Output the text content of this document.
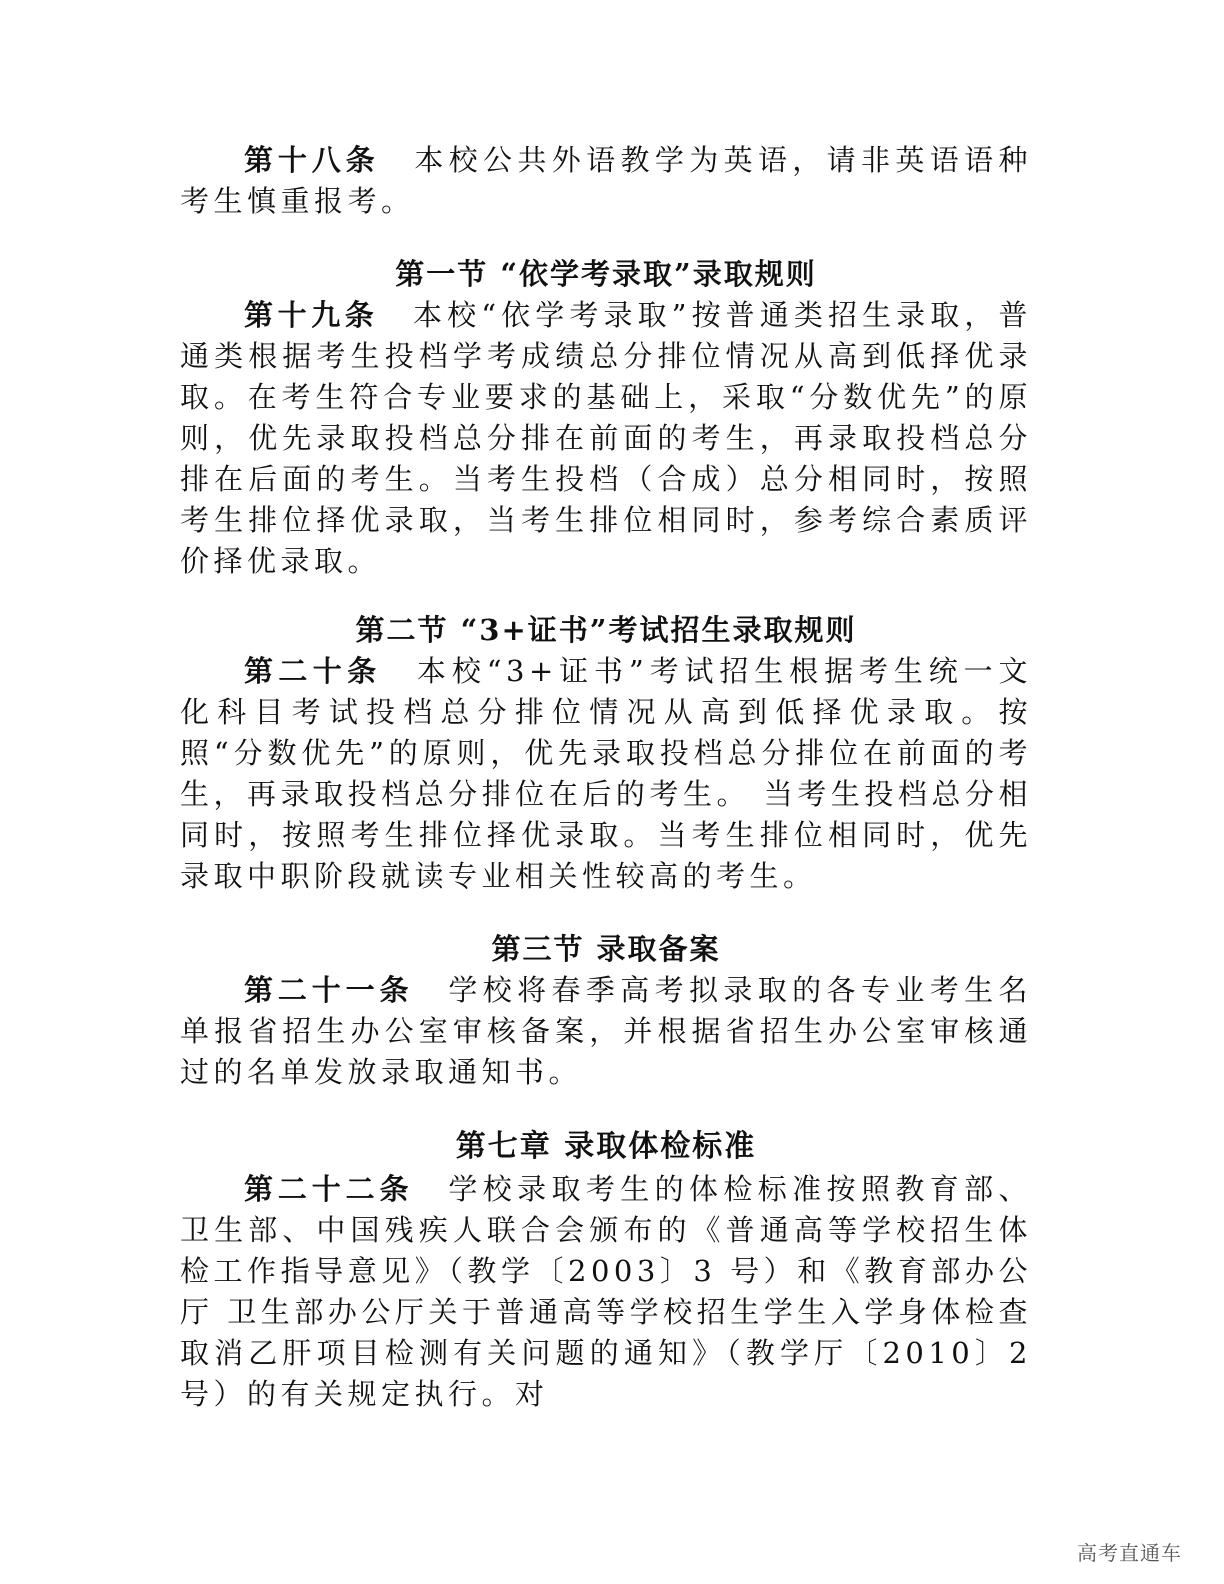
第十八条 本校公共外语教学为英语，请非英语语种考生慎重报考。

第一节 “依学考录取”录取规则

第十九条 本校“依学考录取”按普通类招生录取，普通类根据考生投档学考成绩总分排位情况从高到低择优录取。在考生符合专业要求的基础上，采取“分数优先”的原则，优先录取投档总分排在前面的考生，再录取投档总分排在后面的考生。当考生投档（合成）总分相同时，按照考生排位择优录取，当考生排位相同时，参考综合素质评价择优录取。

第二节 “3+证书”考试招生录取规则

第二十条 本校“3+证书”考试招生根据考生统一文化科目考试投档总分排位情况从高到低择优录取。按照“分数优先”的原则，优先录取投档总分排位在前面的考生，再录取投档总分排位在后的考生。 当考生投档总分相同时，按照考生排位择优录取。当考生排位相同时，优先录取中职阶段就读专业相关性较高的考生。

第三节 录取备案

第二十一条 学校将春季高考拟录取的各专业考生名单报省招生办公室审核备案，并根据省招生办公室审核通过的名单发放录取通知书。

第七章 录取体检标准

第二十二条 学校录取考生的体检标准按照教育部、卫生部、中国残疾人联合会颁布的《普通高等学校招生体检工作指导意见》（教学〔2003〕3 号）和《教育部办公厅 卫生部办公厅关于普通高等学校招生学生入学身体检查取消乙肝项目检测有关问题的通知》（教学厅〔2010〕2 号）的有关规定执行。对

高考直通车
